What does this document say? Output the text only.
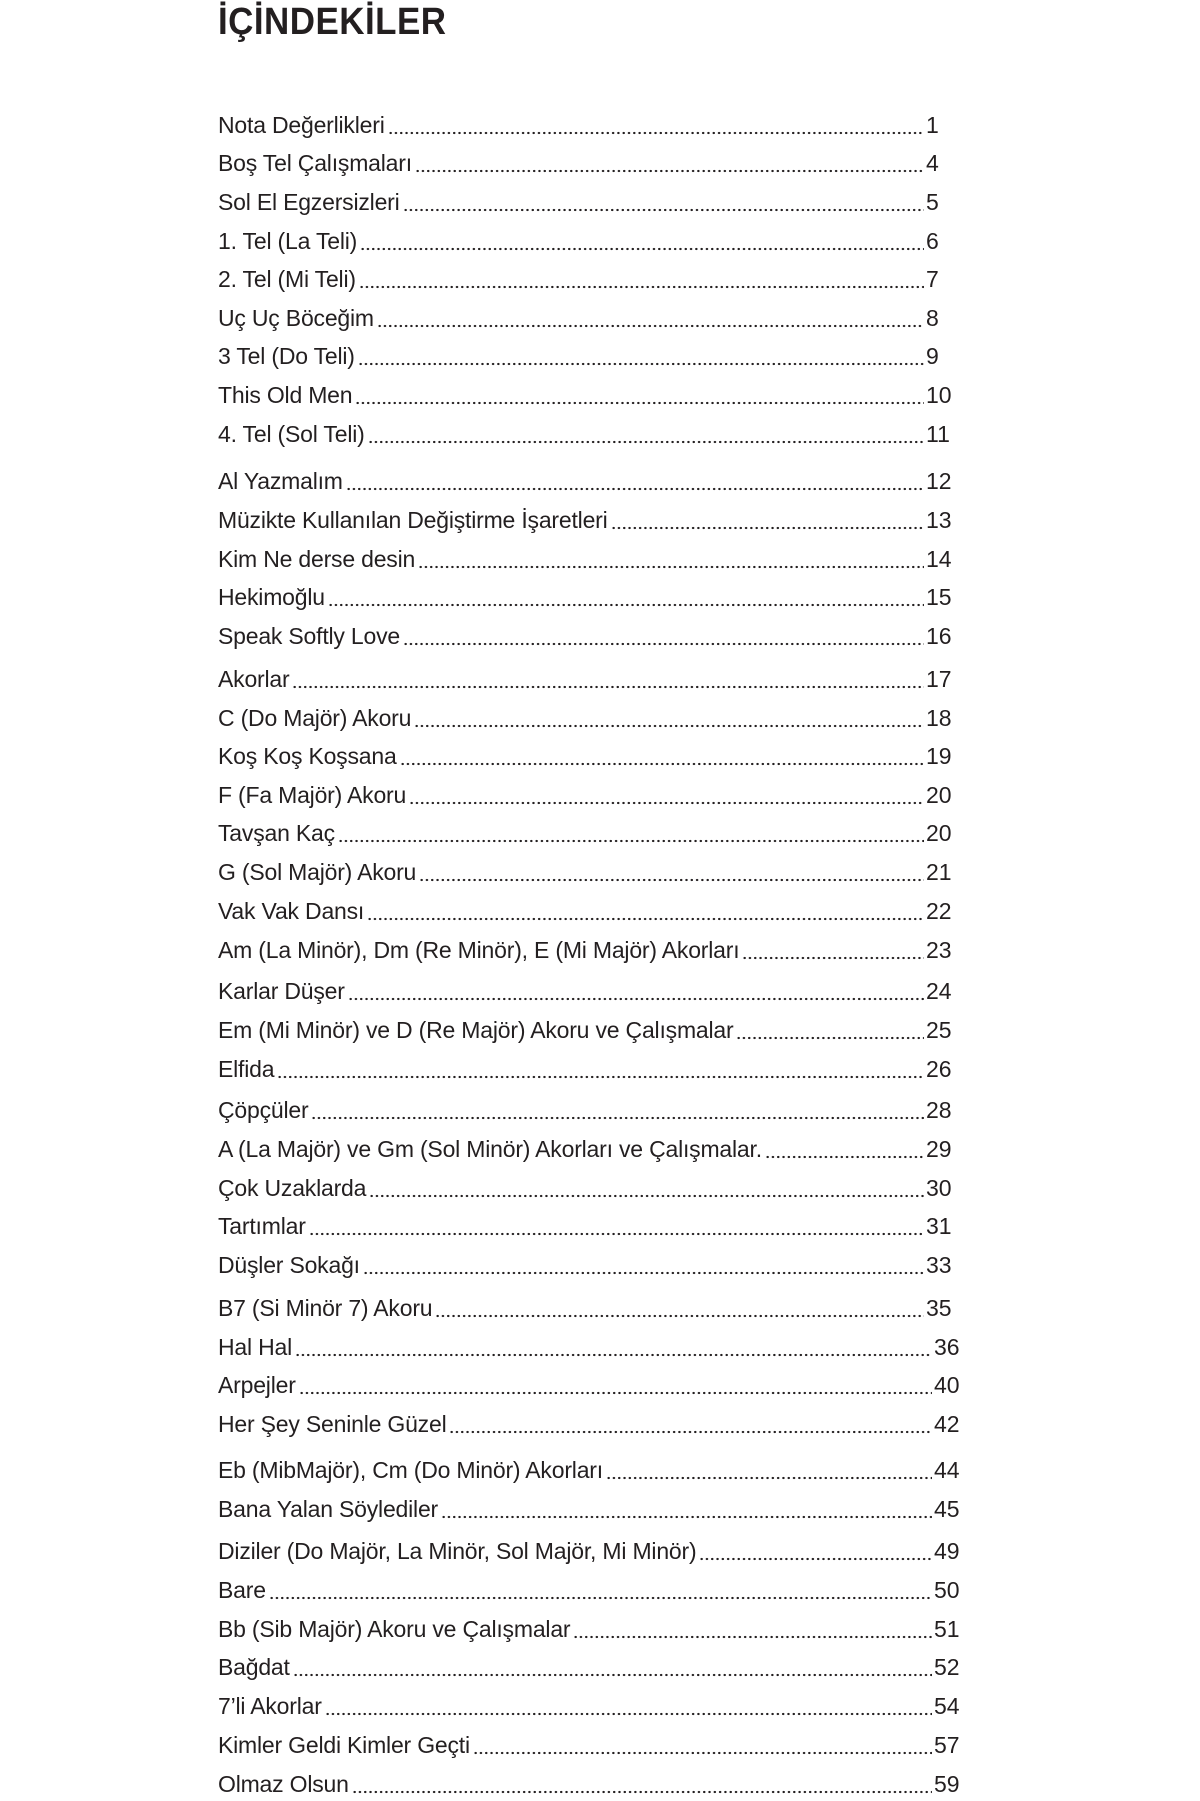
İÇİNDEKİLER
Nota Değerlikleri	1
Boş Tel Çalışmaları	4
Sol El Egzersizleri	5
1. Tel (La Teli)	6
2. Tel (Mi Teli)	7
Uç Uç Böceğim	8
3 Tel (Do Teli)	9
This Old Men	10
4. Tel (Sol Teli)	11
Al Yazmalım	12
Müzikte Kullanılan Değiştirme İşaretleri	13
Kim Ne derse desin	14
Hekimoğlu	15
Speak Softly Love	16
Akorlar	17
C (Do Majör) Akoru	18
Koş Koş Koşsana	19
F (Fa Majör) Akoru	20
Tavşan Kaç	20
G (Sol Majör) Akoru	21
Vak Vak Dansı	22
Am (La Minör), Dm (Re Minör), E (Mi Majör) Akorları	23
Karlar Düşer	24
Em (Mi Minör) ve D (Re Majör) Akoru ve Çalışmalar	25
Elfida	26
Çöpçüler	28
A (La Majör) ve Gm (Sol Minör) Akorları ve Çalışmalar.	29
Çok Uzaklarda	30
Tartımlar	31
Düşler Sokağı	33
B7 (Si Minör 7) Akoru	35
Hal Hal	36
Arpejler	40
Her Şey Seninle Güzel	42
Eb (MibMajör), Cm (Do Minör) Akorları	44
Bana Yalan Söylediler	45
Diziler (Do Majör, La Minör, Sol Majör, Mi Minör)	49
Bare	50
Bb (Sib Majör) Akoru ve Çalışmalar	51
Bağdat	52
7’li Akorlar	54
Kimler Geldi Kimler Geçti	57
Olmaz Olsun	59
